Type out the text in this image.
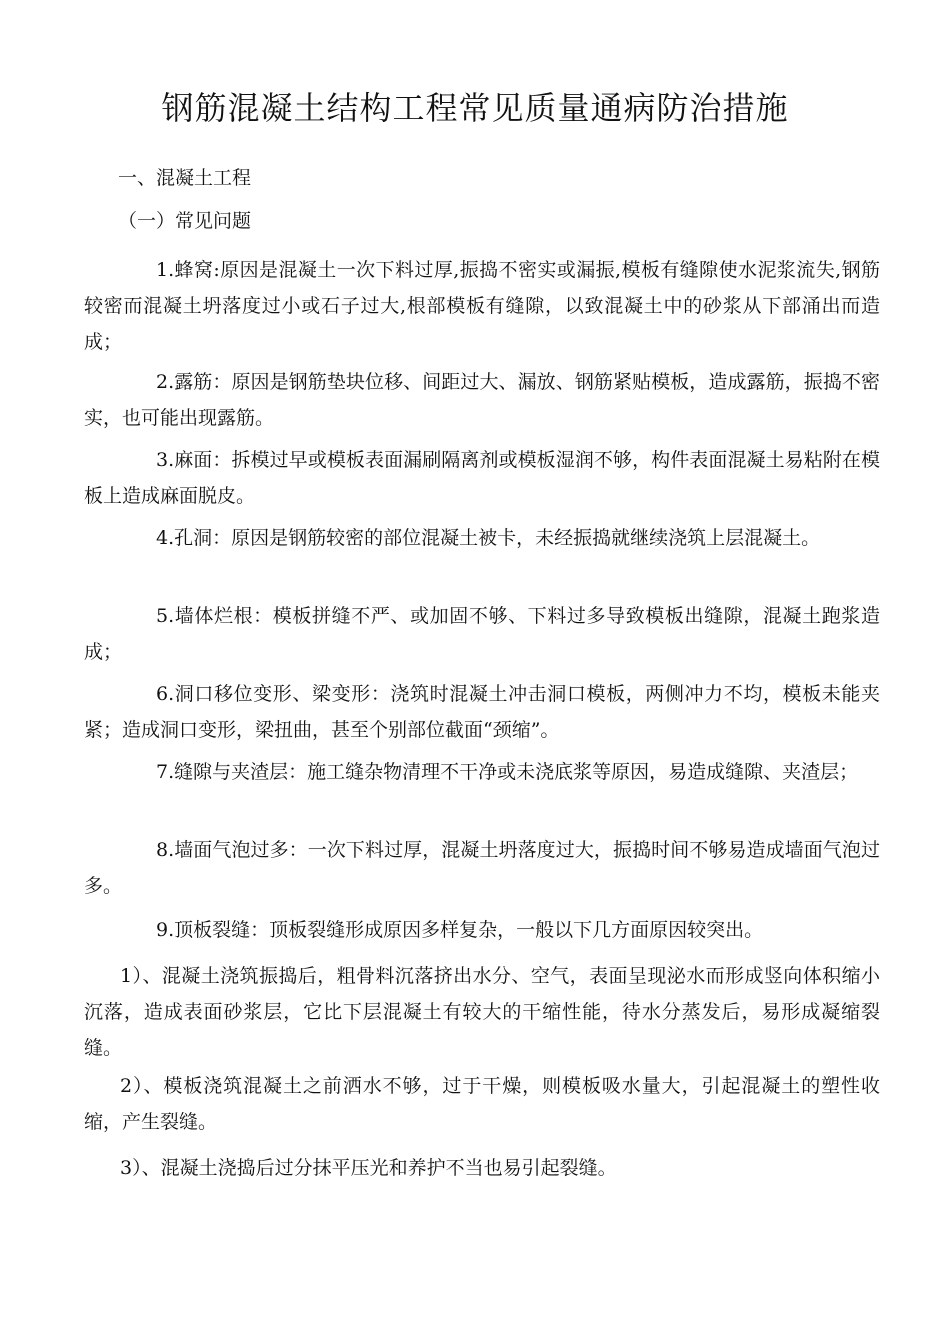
钢筋混凝土结构工程常见质量通病防治措施
一、混凝土工程
（一）常见问题
1.蜂窝:原因是混凝土一次下料过厚,振捣不密实或漏振,模板有缝隙使水泥浆流失,钢筋较密而混凝土坍落度过小或石子过大,根部模板有缝隙，以致混凝土中的砂浆从下部涌出而造成；
2.露筋：原因是钢筋垫块位移、间距过大、漏放、钢筋紧贴模板，造成露筋，振捣不密实，也可能出现露筋。
3.麻面：拆模过早或模板表面漏刷隔离剂或模板湿润不够，构件表面混凝土易粘附在模板上造成麻面脱皮。
4.孔洞：原因是钢筋较密的部位混凝土被卡，未经振捣就继续浇筑上层混凝土。
5.墙体烂根：模板拼缝不严、或加固不够、下料过多导致模板出缝隙，混凝土跑浆造成；
6.洞口移位变形、梁变形：浇筑时混凝土冲击洞口模板，两侧冲力不均，模板未能夹紧；造成洞口变形，梁扭曲，甚至个别部位截面“颈缩”。
7.缝隙与夹渣层：施工缝杂物清理不干净或未浇底浆等原因，易造成缝隙、夹渣层；
8.墙面气泡过多：一次下料过厚，混凝土坍落度过大，振捣时间不够易造成墙面气泡过多。
9.顶板裂缝：顶板裂缝形成原因多样复杂，一般以下几方面原因较突出。
1）、混凝土浇筑振捣后，粗骨料沉落挤出水分、空气，表面呈现泌水而形成竖向体积缩小沉落，造成表面砂浆层，它比下层混凝土有较大的干缩性能，待水分蒸发后，易形成凝缩裂缝。
2）、模板浇筑混凝土之前洒水不够，过于干燥，则模板吸水量大，引起混凝土的塑性收缩，产生裂缝。
3）、混凝土浇捣后过分抹平压光和养护不当也易引起裂缝。
